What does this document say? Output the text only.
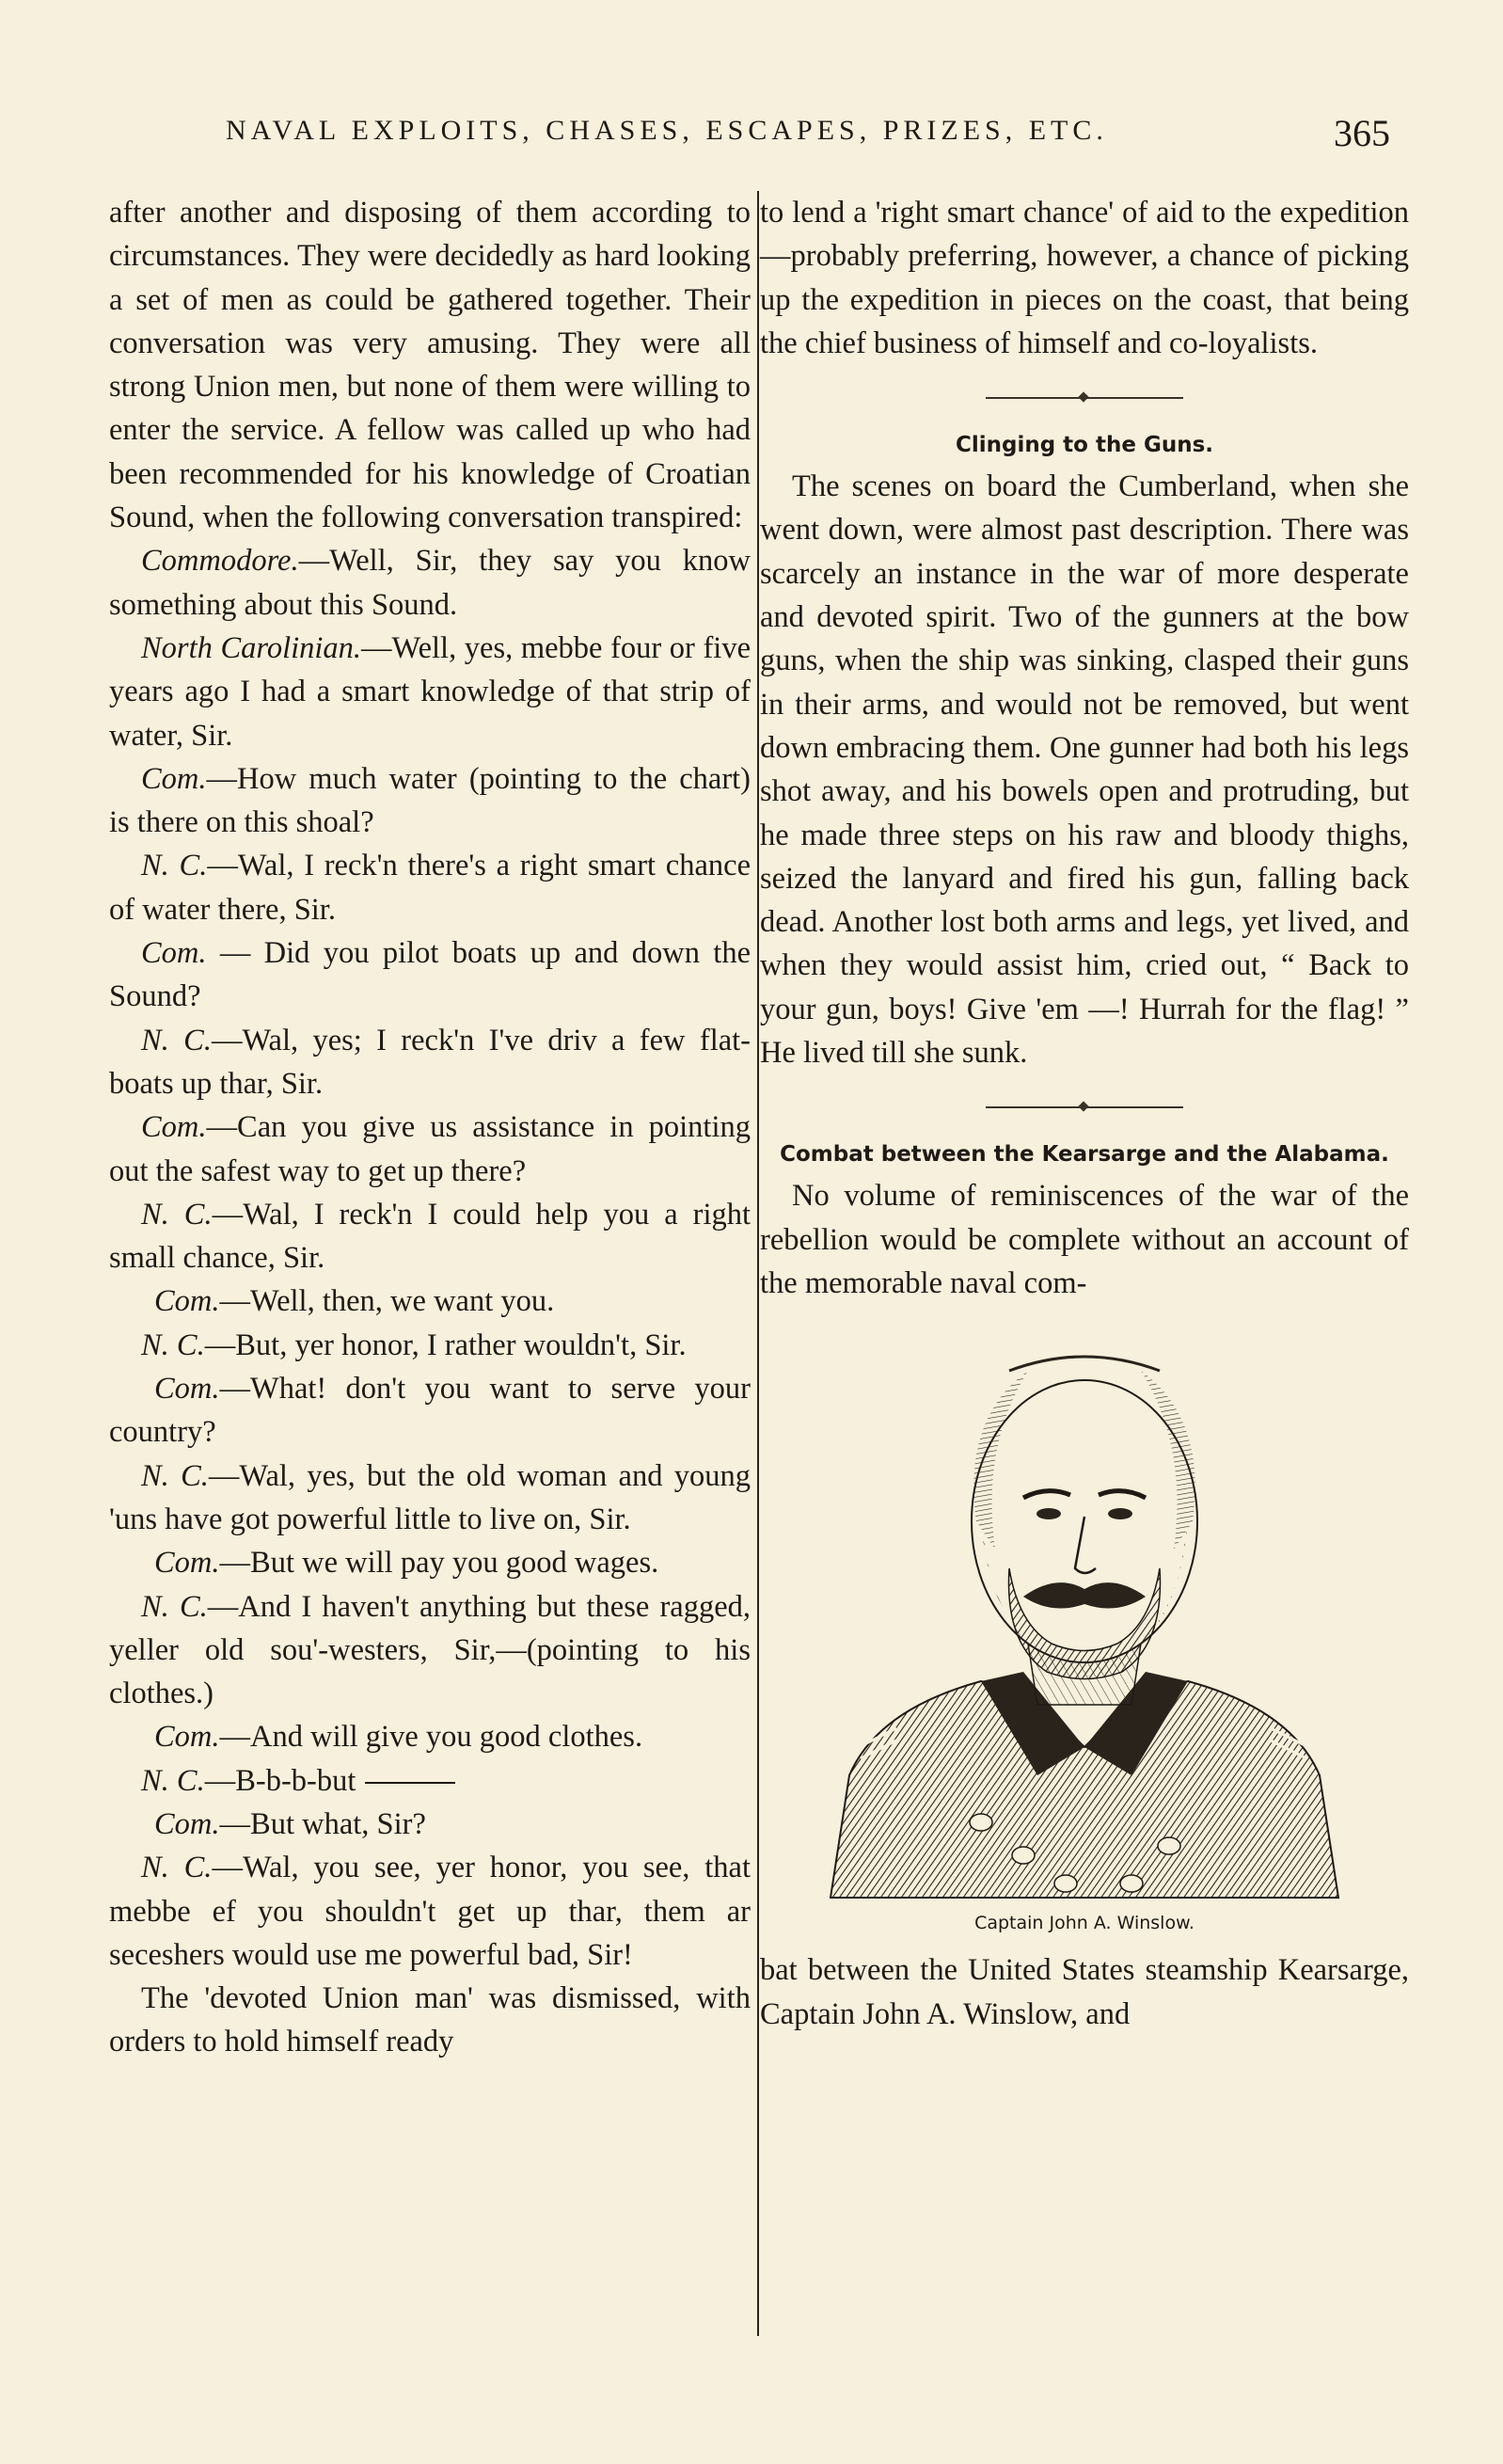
NAVAL EXPLOITS, CHASES, ESCAPES, PRIZES, ETC.	365

after another and disposing of them according to circumstances. They were decidedly as hard looking a set of men as could be gathered together. Their conversation was very amusing. They were all strong Union men, but none of them were willing to enter the service. A fellow was called up who had been recommended for his knowledge of Croatian Sound, when the following conversation transpired:

Commodore.—Well, Sir, they say you know something about this Sound.

North Carolinian.—Well, yes, mebbe four or five years ago I had a smart knowledge of that strip of water, Sir.

Com.—How much water (pointing to the chart) is there on this shoal?

N. C.—Wal, I reck'n there's a right smart chance of water there, Sir.

Com. — Did you pilot boats up and down the Sound?

N. C.—Wal, yes; I reck'n I've driv a few flat-boats up thar, Sir.

Com.—Can you give us assistance in pointing out the safest way to get up there?

N. C.—Wal, I reck'n I could help you a right small chance, Sir.

Com.—Well, then, we want you.

N. C.—But, yer honor, I rather wouldn't, Sir.

Com.—What! don't you want to serve your country?

N. C.—Wal, yes, but the old woman and young 'uns have got powerful little to live on, Sir.

Com.—But we will pay you good wages.

N. C.—And I haven't anything but these ragged, yeller old sou'-westers, Sir,—(pointing to his clothes.)

Com.—And will give you good clothes.

N. C.—B-b-b-but

Com.—But what, Sir?

N. C.—Wal, you see, yer honor, you see, that mebbe ef you shouldn't get up thar, them ar seceshers would use me powerful bad, Sir!

The 'devoted Union man' was dismissed, with orders to hold himself ready

to lend a 'right smart chance' of aid to the expedition—probably preferring, however, a chance of picking up the expedition in pieces on the coast, that being the chief business of himself and co-loyalists.

Clinging to the Guns.

The scenes on board the Cumberland, when she went down, were almost past description. There was scarcely an instance in the war of more desperate and devoted spirit. Two of the gunners at the bow guns, when the ship was sinking, clasped their guns in their arms, and would not be removed, but went down embracing them. One gunner had both his legs shot away, and his bowels open and protruding, but he made three steps on his raw and bloody thighs, seized the lanyard and fired his gun, falling back dead. Another lost both arms and legs, yet lived, and when they would assist him, cried out, “ Back to your gun, boys! Give 'em —! Hurrah for the flag! ” He lived till she sunk.

Combat between the Kearsarge and the Alabama.

No volume of reminiscences of the war of the rebellion would be complete without an account of the memorable naval com-

Captain John A. Winslow.

bat between the United States steamship Kearsarge, Captain John A. Winslow, and
